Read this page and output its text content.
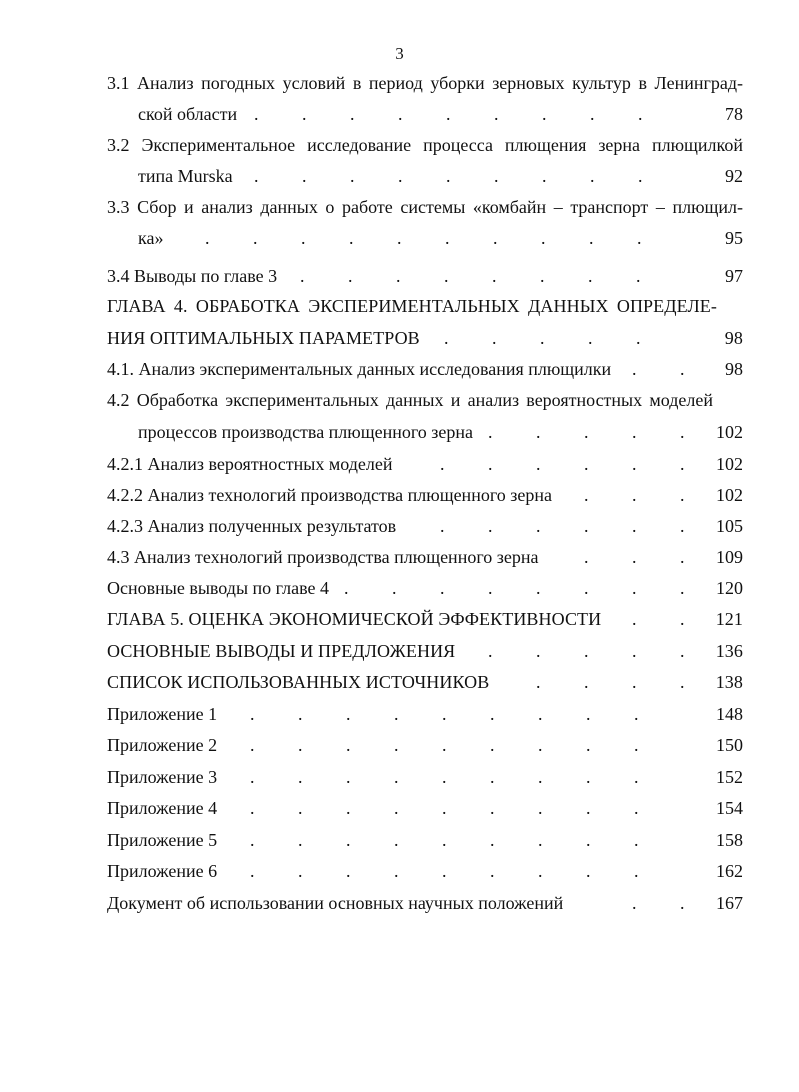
3
3.1 Анализ погодных условий в период уборки зерновых культур в Ленинград-
ской области . . . . . . . . .	78
3.2 Экспериментальное исследование процесса плющения зерна плющилкой
типа Murska . . . . . . . . .	92
3.3 Сбор и анализ данных о работе системы «комбайн – транспорт – плющил-
ка» . . . . . . . . . .	95
3.4 Выводы по главе 3 . . . . . . . .	97
ГЛАВА 4. ОБРАБОТКА ЭКСПЕРИМЕНТАЛЬНЫХ ДАННЫХ ОПРЕДЕЛЕ-
НИЯ ОПТИМАЛЬНЫХ ПАРАМЕТРОВ . . . . .	98
4.1. Анализ экспериментальных данных исследования плющилки . . 98
4.2 Обработка экспериментальных данных и анализ вероятностных моделей
процессов производства плющенного зерна . . . . . 102
4.2.1 Анализ вероятностных моделей	. . . . . . 102
4.2.2 Анализ технологий производства плющенного зерна . . . 102
4.2.3 Анализ полученных результатов . . . . . . 105
4.3 Анализ технологий производства плющенного зерна	. . . 109
Основные выводы по главе 4 . . . . . . . . 120
ГЛАВА 5. ОЦЕНКА ЭКОНОМИЧЕСКОЙ ЭФФЕКТИВНОСТИ . . 121
ОСНОВНЫЕ ВЫВОДЫ И ПРЕДЛОЖЕНИЯ . . . . . 136
СПИСОК ИСПОЛЬЗОВАННЫХ ИСТОЧНИКОВ	. . . . 138
Приложение 1 . . . . . . . . .	148
Приложение 2 . . . . . . . . .	150
Приложение 3 . . . . . . . . .	152
Приложение 4 . . . . . . . . .	154
Приложение 5 . . . . . . . . .	158
Приложение 6 . . . . . . . . .	162
Документ об использовании основных научных положений	. . 167
